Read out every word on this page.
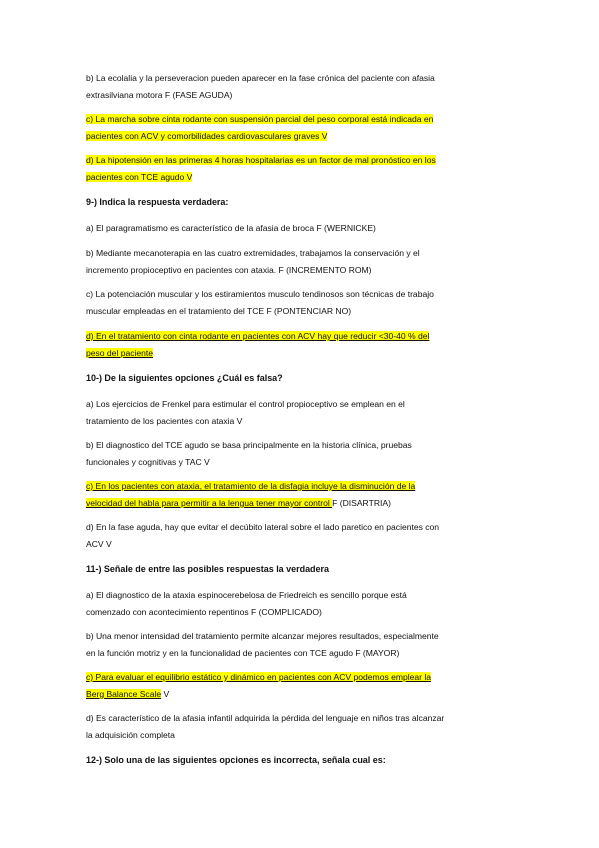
b) La ecolalia y la perseveracion pueden aparecer en la fase crónica del paciente con afasia
extrasilviana motora F (FASE AGUDA)

c) La marcha sobre cinta rodante con suspensión parcial del peso corporal está indicada en
pacientes con ACV y comorbilidades cardiovasculares graves V

d) La hipotensión en las primeras 4 horas hospitalarias es un factor de mal pronóstico en los
pacientes con TCE agudo V

9-) Indica la respuesta verdadera:

a) El paragramatismo es característico de la afasia de broca F (WERNICKE)

b) Mediante mecanoterapia en las cuatro extremidades, trabajamos la conservación y el
incremento propioceptivo en pacientes con ataxia. F (INCREMENTO ROM)

c) La potenciación muscular y los estiramientos musculo tendinosos son técnicas de trabajo
muscular empleadas en el tratamiento del TCE F (PONTENCIAR NO)

d) En el tratamiento con cinta rodante en pacientes con ACV hay que reducir <30-40 % del
peso del paciente

10-) De la siguientes opciones ¿Cuál es falsa?

a) Los ejercicios de Frenkel para estimular el control propioceptivo se emplean en el
tratamiento de los pacientes con ataxia V

b) El diagnostico del TCE agudo se basa principalmente en la historia clínica, pruebas
funcionales y cognitivas y TAC V

c) En los pacientes con ataxia, el tratamiento de la disfagia incluye la disminución de la
velocidad del habla para permitir a la lengua tener mayor control F (DISARTRIA)

d) En la fase aguda, hay que evitar el decúbito lateral sobre el lado paretico en pacientes con
ACV V

11-) Señale de entre las posibles respuestas la verdadera

a) El diagnostico de la ataxia espinocerebelosa de Friedreich es sencillo porque está
comenzado con acontecimiento repentinos F (COMPLICADO)

b) Una menor intensidad del tratamiento permite alcanzar mejores resultados, especialmente
en la función motriz y en la funcionalidad de pacientes con TCE agudo F (MAYOR)

c) Para evaluar el equilibrio estático y dinámico en pacientes con ACV podemos emplear la
Berg Balance Scale V

d) Es característico de la afasia infantil adquirida la pérdida del lenguaje en niños tras alcanzar
la adquisición completa

12-) Solo una de las siguientes opciones es incorrecta, señala cual es:
